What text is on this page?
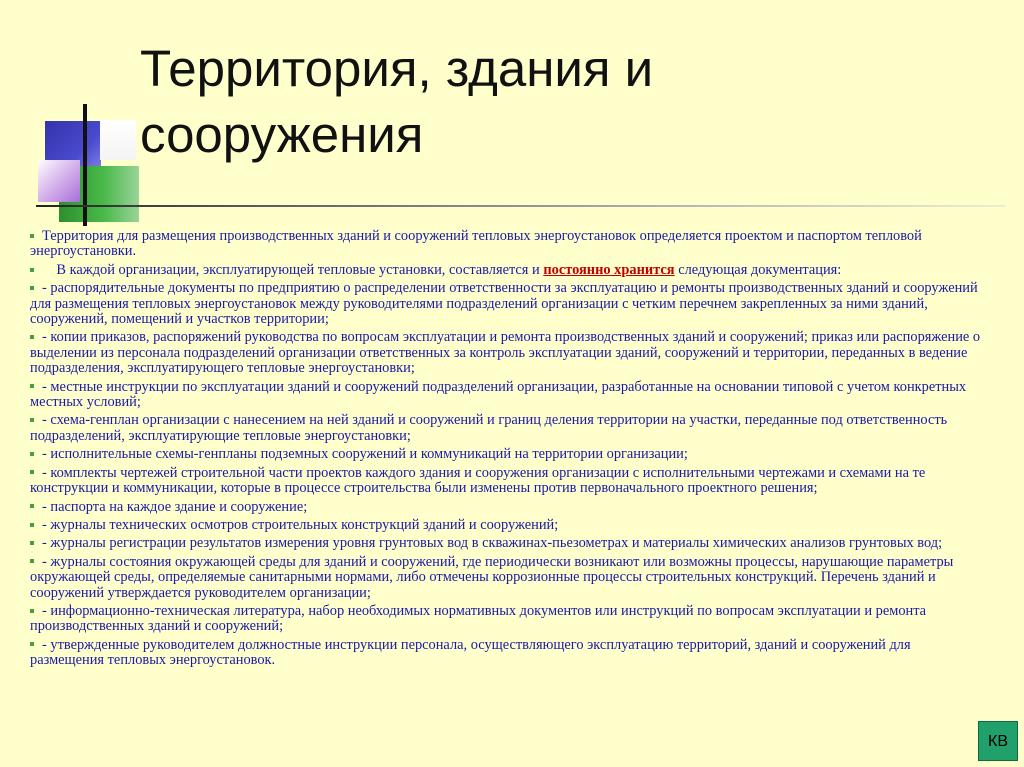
Территория, здания и сооружения
Территория для размещения производственных зданий и сооружений тепловых энергоустановок определяется проектом и паспортом тепловой энергоустановки.
В каждой организации, эксплуатирующей тепловые установки, составляется и постоянно хранится следующая документация:
- распорядительные документы по предприятию о распределении ответственности за эксплуатацию и ремонты производственных зданий и сооружений для размещения тепловых энергоустановок между руководителями подразделений организации с четким перечнем закрепленных за ними зданий, сооружений, помещений и участков территории;
- копии приказов, распоряжений руководства по вопросам эксплуатации и ремонта производственных зданий и сооружений; приказ или распоряжение о выделении из персонала подразделений организации ответственных за контроль эксплуатации зданий, сооружений и территории, переданных в ведение подразделения, эксплуатирующего тепловые энергоустановки;
- местные инструкции по эксплуатации зданий и сооружений подразделений организации, разработанные на основании типовой с учетом конкретных местных условий;
- схема-генплан организации с нанесением на ней зданий и сооружений и границ деления территории на участки, переданные под ответственность подразделений, эксплуатирующие тепловые энергоустановки;
- исполнительные схемы-генпланы подземных сооружений и коммуникаций на территории организации;
- комплекты чертежей строительной части проектов каждого здания и сооружения организации с исполнительными чертежами и схемами на те конструкции и коммуникации, которые в процессе строительства были изменены против первоначального проектного решения;
- паспорта на каждое здание и сооружение;
- журналы технических осмотров строительных конструкций зданий и сооружений;
- журналы регистрации результатов измерения уровня грунтовых вод в скважинах-пьезометрах и материалы химических анализов грунтовых вод;
- журналы состояния окружающей среды для зданий и сооружений, где периодически возникают или возможны процессы, нарушающие параметры окружающей среды, определяемые санитарными нормами, либо отмечены коррозионные процессы строительных конструкций. Перечень зданий и сооружений утверждается руководителем организации;
- информационно-техническая литература, набор необходимых нормативных документов или инструкций по вопросам эксплуатации и ремонта производственных зданий и сооружений;
- утвержденные руководителем должностные инструкции персонала, осуществляющего эксплуатацию территорий, зданий и сооружений для размещения тепловых энергоустановок.
КВ
